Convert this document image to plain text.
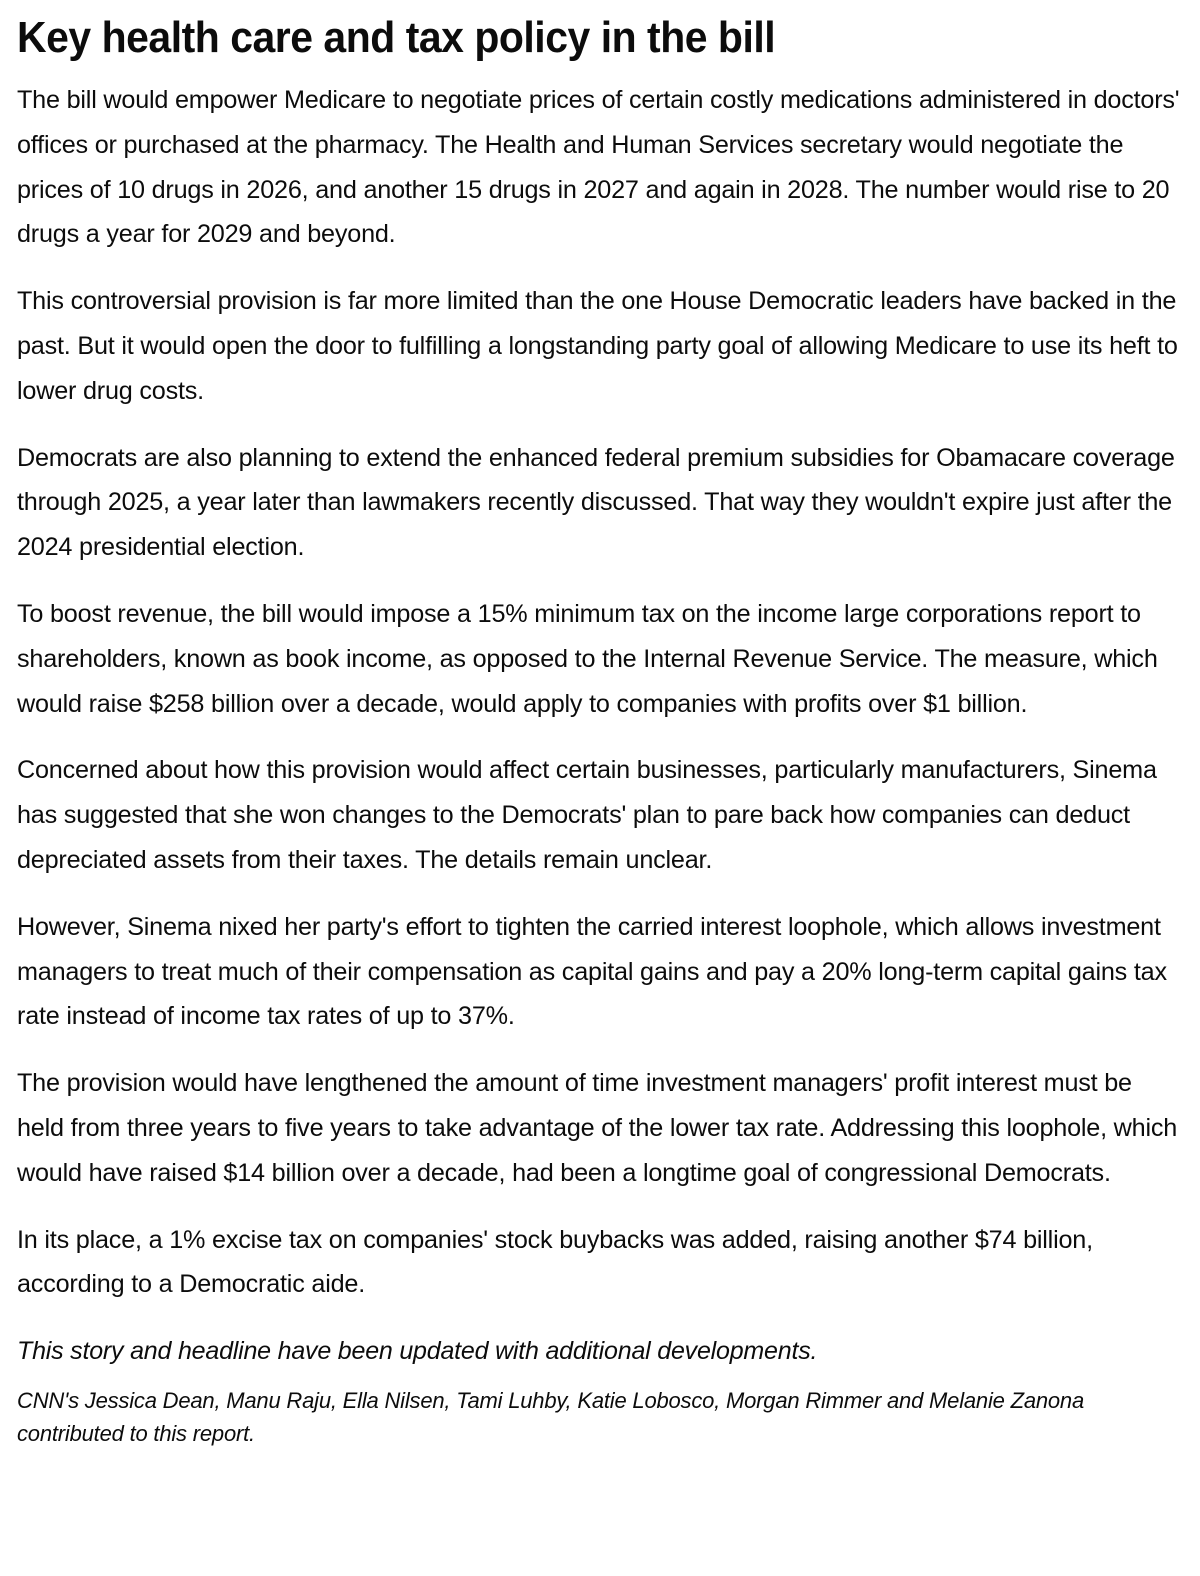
Key health care and tax policy in the bill

The bill would empower Medicare to negotiate prices of certain costly medications administered in doctors' offices or purchased at the pharmacy. The Health and Human Services secretary would negotiate the prices of 10 drugs in 2026, and another 15 drugs in 2027 and again in 2028. The number would rise to 20 drugs a year for 2029 and beyond.

This controversial provision is far more limited than the one House Democratic leaders have backed in the past. But it would open the door to fulfilling a longstanding party goal of allowing Medicare to use its heft to lower drug costs.

Democrats are also planning to extend the enhanced federal premium subsidies for Obamacare coverage through 2025, a year later than lawmakers recently discussed. That way they wouldn't expire just after the 2024 presidential election.

To boost revenue, the bill would impose a 15% minimum tax on the income large corporations report to shareholders, known as book income, as opposed to the Internal Revenue Service. The measure, which would raise $258 billion over a decade, would apply to companies with profits over $1 billion.

Concerned about how this provision would affect certain businesses, particularly manufacturers, Sinema has suggested that she won changes to the Democrats' plan to pare back how companies can deduct depreciated assets from their taxes. The details remain unclear.

However, Sinema nixed her party's effort to tighten the carried interest loophole, which allows investment managers to treat much of their compensation as capital gains and pay a 20% long-term capital gains tax rate instead of income tax rates of up to 37%.

The provision would have lengthened the amount of time investment managers' profit interest must be held from three years to five years to take advantage of the lower tax rate. Addressing this loophole, which would have raised $14 billion over a decade, had been a longtime goal of congressional Democrats.

In its place, a 1% excise tax on companies' stock buybacks was added, raising another $74 billion, according to a Democratic aide.

This story and headline have been updated with additional developments.

CNN's Jessica Dean, Manu Raju, Ella Nilsen, Tami Luhby, Katie Lobosco, Morgan Rimmer and Melanie Zanona contributed to this report.
